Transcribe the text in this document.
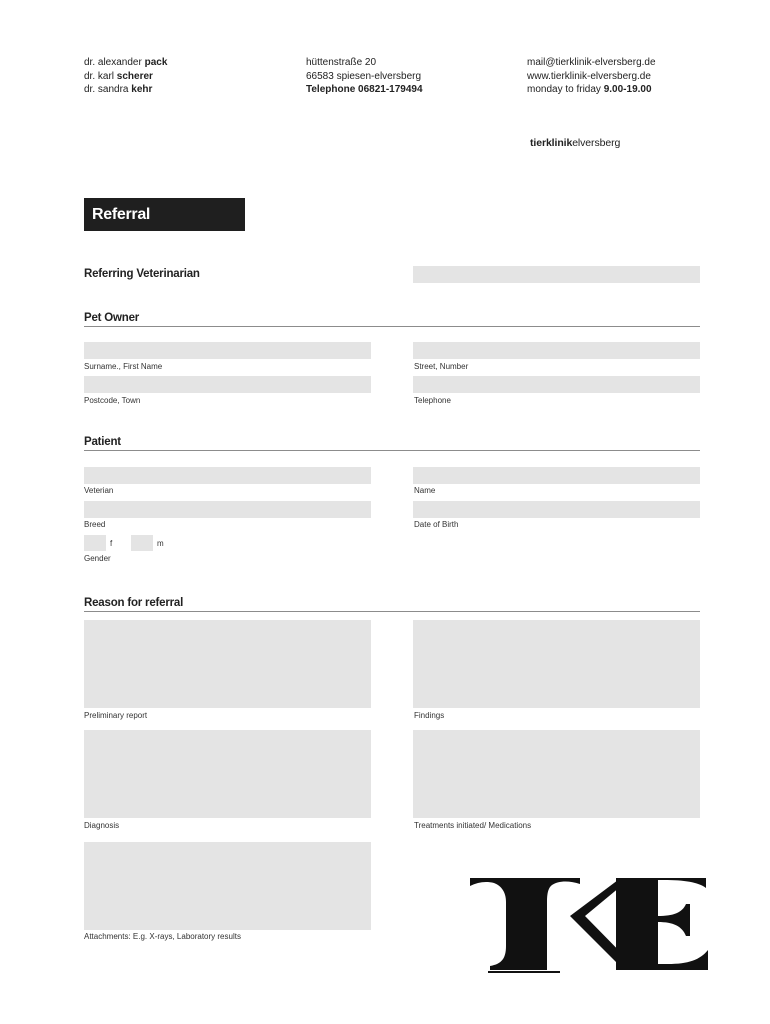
dr. alexander pack
dr. karl scherer
dr. sandra kehr
hüttenstraße 20
66583 spiesen-elversberg
Telephone 06821-179494
mail@tierklinik-elversberg.de
www.tierklinik-elversberg.de
monday to friday 9.00-19.00
tierklinikelversberg
Referral
Referring Veterinarian
Pet Owner
Surname., First Name	Street, Number
Postcode, Town	Telephone
Patient
Veterian	Name
Breed	Date of Birth
f	m
Gender
Reason for referral
Preliminary report	Findings
Diagnosis	Treatments initiated/ Medications
Attachments: E.g. X-rays, Laboratory results
